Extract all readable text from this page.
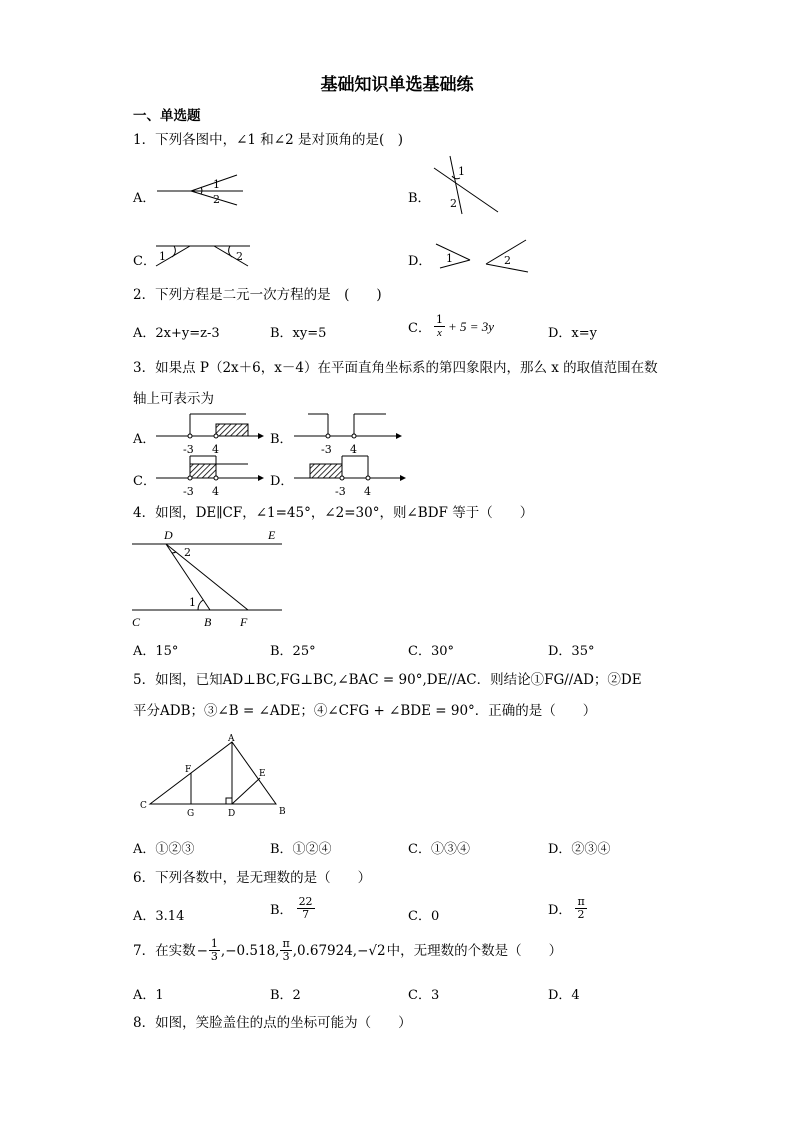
基础知识单选基础练
一、单选题
1．下列各图中，∠1 和∠2 是对顶角的是(　)
A．
1
2	B．
1
2
C． 1	2	D． 1	2
2．下列方程是二元一次方程的是　(　　)
A．2x+y=z-3	B．xy=5	C． $\frac{1}{x} + 5 = 3y$	D．x=y
3．如果点 P（2x＋6，x－4）在平面直角坐标系的第四象限内，那么 x 的取值范围在数
轴上可表示为
A．
-3 4
B．
-3 4
C．
-3 4
D．
-3 4
4．如图，DE∥CF，∠1=45°，∠2=30°，则∠BDF 等于（　　）
D	E
C	B F
1
2
A．15°	B．25°	C．30°	D．35°
5．如图，已知AD⊥BC,FG⊥BC,∠BAC = 90°,DE//AC．则结论①FG//AD；②DE
平分ADB；③∠B = ∠ADE；④∠CFG + ∠BDE = 90°．正确的是（　　）
A
B
C
D
E
F
G
A．①②③	B．①②④	C．①③④	D．②③④
6．下列各数中，是无理数的是（　　）
A．3.14	B． $\frac{22}{7}$	C．0	D． $\frac{\pi}{2}$
7．在实数 − $\frac{1}{3} ,-0.518$, $\frac{\pi}{3}$ ,0.6792̇4̇,−√2 中，无理数的个数是（　　）
A．1	B．2	C．3	D．4
8．如图，笑脸盖住的点的坐标可能为（　　）
